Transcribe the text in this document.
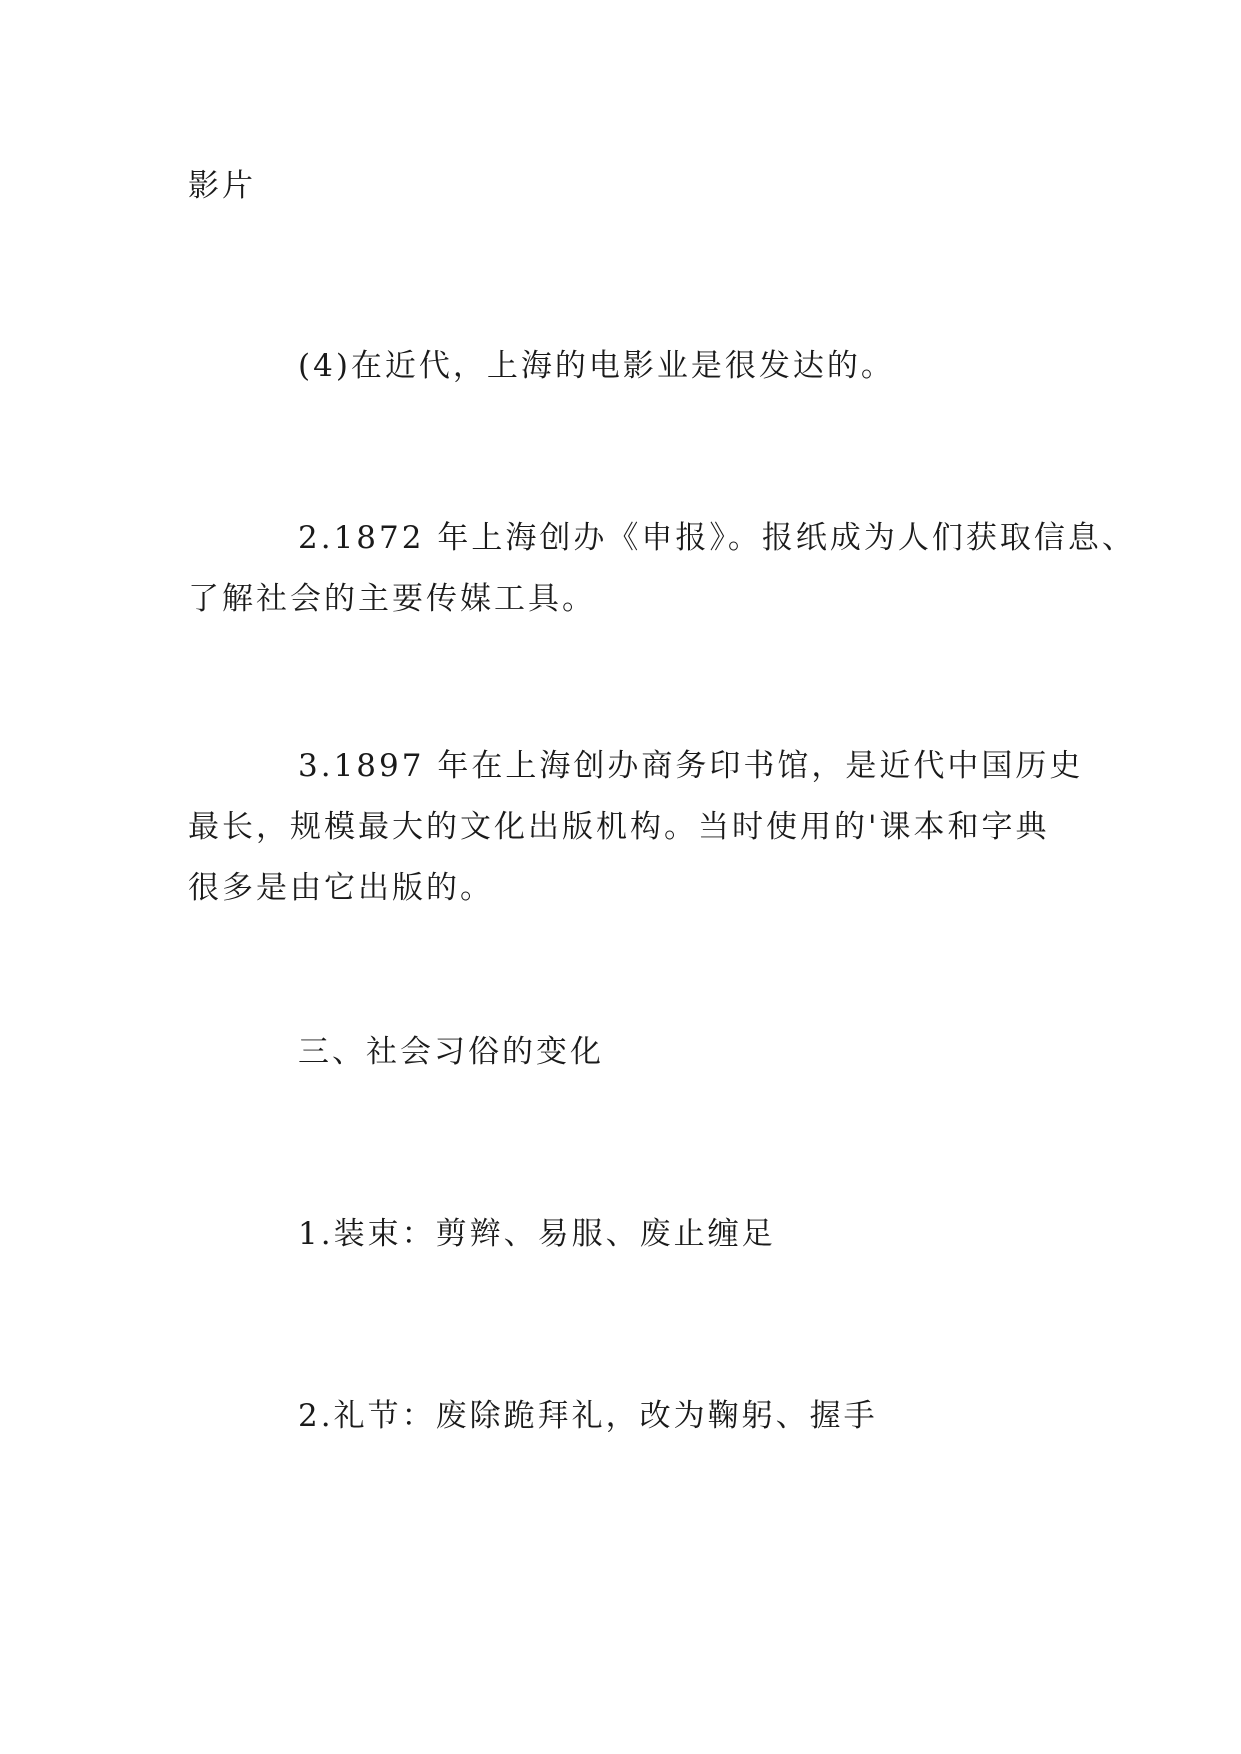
影片

(4)在近代，上海的电影业是很发达的。

2.1872 年上海创办《申报》。报纸成为人们获取信息、
了解社会的主要传媒工具。

3.1897 年在上海创办商务印书馆，是近代中国历史
最长，规模最大的文化出版机构。当时使用的'课本和字典
很多是由它出版的。

三、社会习俗的变化

1.装束：剪辫、易服、废止缠足

2.礼节：废除跪拜礼，改为鞠躬、握手
